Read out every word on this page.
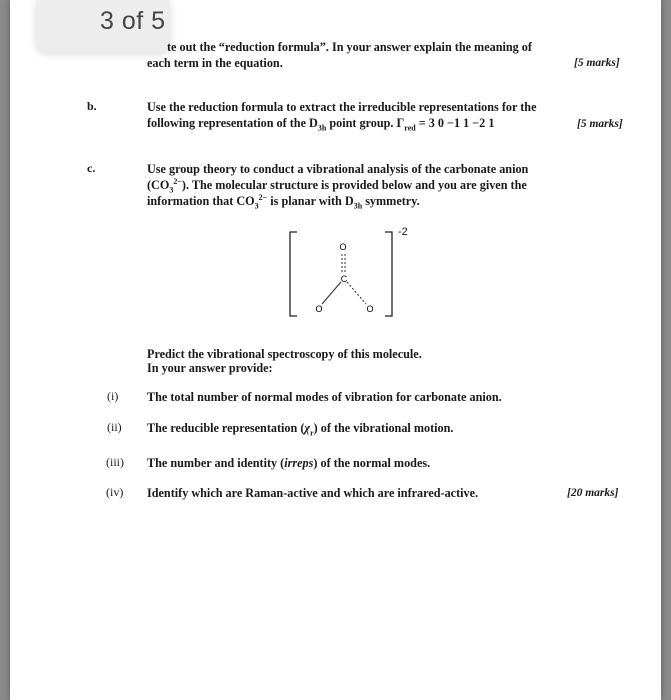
3 of 5
te out the “reduction formula”. In your answer explain the meaning of
each term in the equation.	[5 marks]
b.	Use the reduction formula to extract the irreducible representations for the
following representation of the $D_{3h}$ point group. $\Gamma_{red} = 3$ 0 −1 1 −2 1	[5 marks]
c.	Use group theory to conduct a vibrational analysis of the carbonate anion
$(CO_3^{2-})$. The molecular structure is provided below and you are given the
information that $CO_3^{2-}$ is planar with $D_{3h}$ symmetry.
O
C
O	O
-2
Predict the vibrational spectroscopy of this molecule.
In your answer provide:
(i) The total number of normal modes of vibration for carbonate anion.
(ii) The reducible representation $(\chi_r)$ of the vibrational motion.
(iii) The number and identity (irreps) of the normal modes.
(iv) Identify which are Raman-active and which are infrared-active.	[20 marks]
